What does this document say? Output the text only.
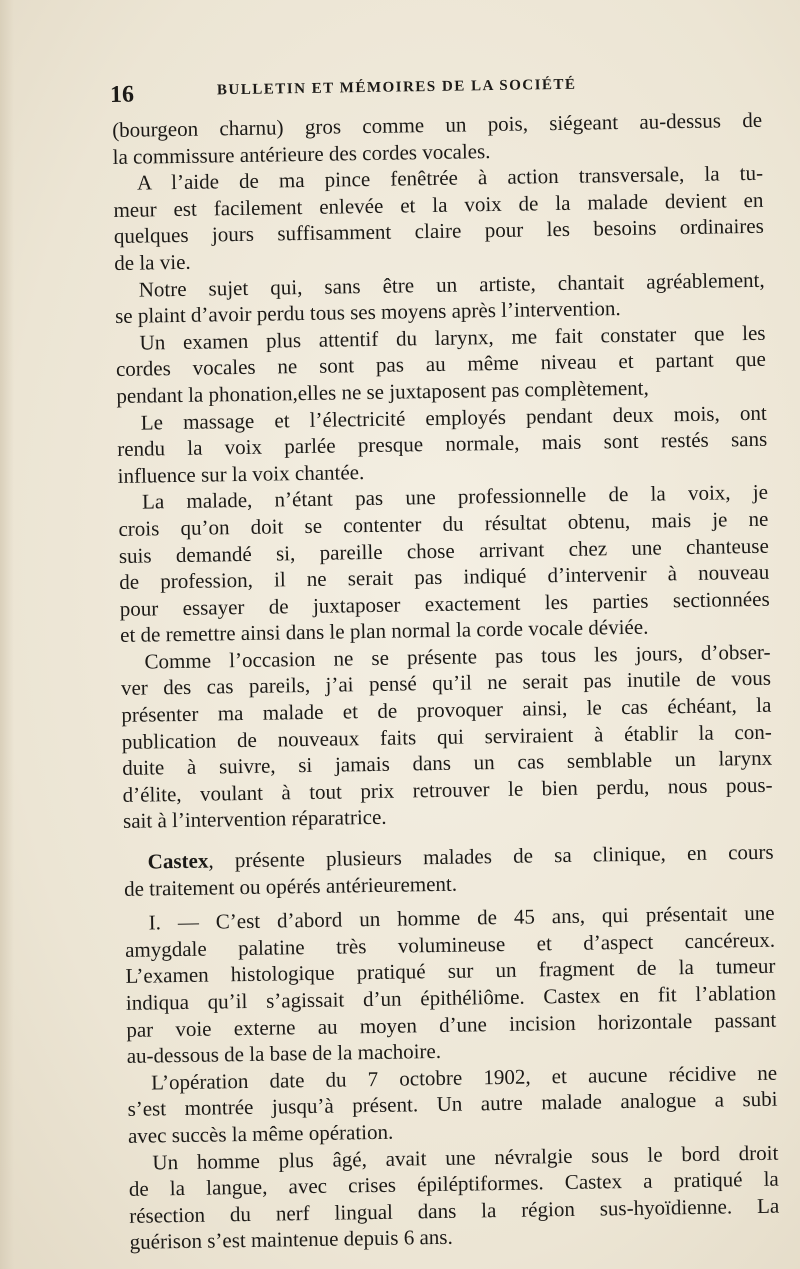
16	BULLETIN ET MÉMOIRES DE LA SOCIÉTÉ
(bourgeon charnu) gros comme un pois, siégeant au-dessus de
la commissure antérieure des cordes vocales.
A l’aide de ma pince fenêtrée à action transversale, la tu-
meur est facilement enlevée et la voix de la malade devient en
quelques jours suffisamment claire pour les besoins ordinaires
de la vie.
Notre sujet qui, sans être un artiste, chantait agréablement,
se plaint d’avoir perdu tous ses moyens après l’intervention.
Un examen plus attentif du larynx, me fait constater que les
cordes vocales ne sont pas au même niveau et partant que
pendant la phonation,elles ne se juxtaposent pas complètement,
Le massage et l’électricité employés pendant deux mois, ont
rendu la voix parlée presque normale, mais sont restés sans
influence sur la voix chantée.
La malade, n’étant pas une professionnelle de la voix, je
crois qu’on doit se contenter du résultat obtenu, mais je ne
suis demandé si, pareille chose arrivant chez une chanteuse
de profession, il ne serait pas indiqué d’intervenir à nouveau
pour essayer de juxtaposer exactement les parties sectionnées
et de remettre ainsi dans le plan normal la corde vocale déviée.
Comme l’occasion ne se présente pas tous les jours, d’obser-
ver des cas pareils, j’ai pensé qu’il ne serait pas inutile de vous
présenter ma malade et de provoquer ainsi, le cas échéant, la
publication de nouveaux faits qui serviraient à établir la con-
duite à suivre, si jamais dans un cas semblable un larynx
d’élite, voulant à tout prix retrouver le bien perdu, nous pous-
sait à l’intervention réparatrice.
Castex, présente plusieurs malades de sa clinique, en cours
de traitement ou opérés antérieurement.
I. — C’est d’abord un homme de 45 ans, qui présentait une
amygdale palatine très volumineuse et d’aspect cancéreux.
L’examen histologique pratiqué sur un fragment de la tumeur
indiqua qu’il s’agissait d’un épithéliôme. Castex en fit l’ablation
par voie externe au moyen d’une incision horizontale passant
au-dessous de la base de la machoire.
L’opération date du 7 octobre 1902, et aucune récidive ne
s’est montrée jusqu’à présent. Un autre malade analogue a subi
avec succès la même opération.
Un homme plus âgé, avait une névralgie sous le bord droit
de la langue, avec crises épiléptiformes. Castex a pratiqué la
résection du nerf lingual dans la région sus-hyoïdienne. La
guérison s’est maintenue depuis 6 ans.
